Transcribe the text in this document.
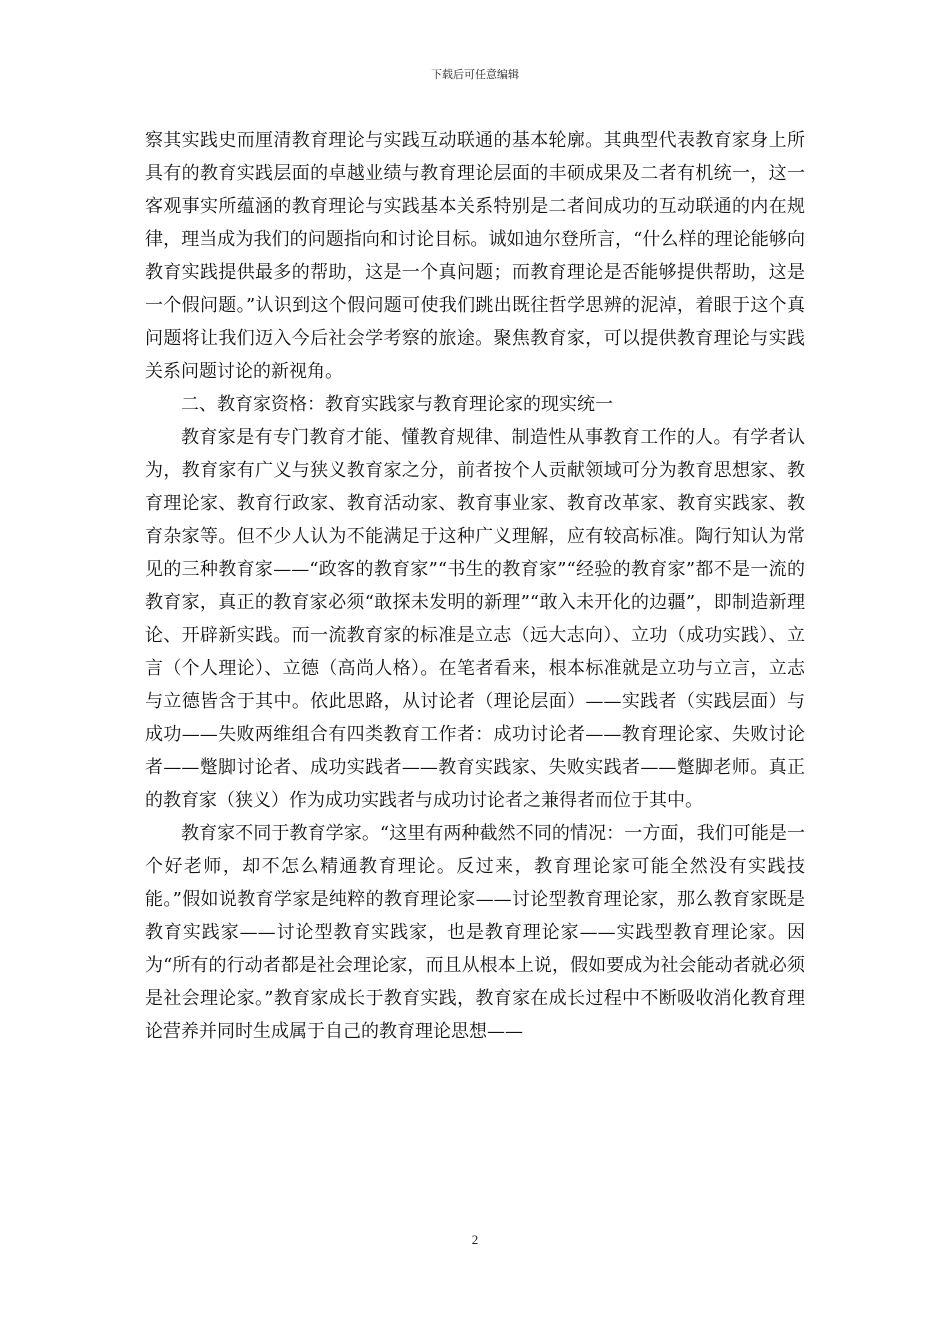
下载后可任意编辑

察其实践史而厘清教育理论与实践互动联通的基本轮廓。其典型代表教育家身上所具有的教育实践层面的卓越业绩与教育理论层面的丰硕成果及二者有机统一，这一客观事实所蕴涵的教育理论与实践基本关系特别是二者间成功的互动联通的内在规律，理当成为我们的问题指向和讨论目标。诚如迪尔登所言，“什么样的理论能够向教育实践提供最多的帮助，这是一个真问题；而教育理论是否能够提供帮助，这是一个假问题。”认识到这个假问题可使我们跳出既往哲学思辨的泥淖，着眼于这个真问题将让我们迈入今后社会学考察的旅途。聚焦教育家，可以提供教育理论与实践关系问题讨论的新视角。

二、教育家资格：教育实践家与教育理论家的现实统一

教育家是有专门教育才能、懂教育规律、制造性从事教育工作的人。有学者认为，教育家有广义与狭义教育家之分，前者按个人贡献领域可分为教育思想家、教育理论家、教育行政家、教育活动家、教育事业家、教育改革家、教育实践家、教育杂家等。但不少人认为不能满足于这种广义理解，应有较高标准。陶行知认为常见的三种教育家——“政客的教育家”“书生的教育家”“经验的教育家”都不是一流的教育家，真正的教育家必须“敢探未发明的新理”“敢入未开化的边疆”，即制造新理论、开辟新实践。而一流教育家的标准是立志（远大志向）、立功（成功实践）、立言（个人理论）、立德（高尚人格）。在笔者看来，根本标准就是立功与立言，立志与立德皆含于其中。依此思路，从讨论者（理论层面）——实践者（实践层面）与成功——失败两维组合有四类教育工作者：成功讨论者——教育理论家、失败讨论者——蹩脚讨论者、成功实践者——教育实践家、失败实践者——蹩脚老师。真正的教育家（狭义）作为成功实践者与成功讨论者之兼得者而位于其中。

教育家不同于教育学家。“这里有两种截然不同的情况：一方面，我们可能是一个好老师，却不怎么精通教育理论。反过来，教育理论家可能全然没有实践技能。”假如说教育学家是纯粹的教育理论家——讨论型教育理论家，那么教育家既是教育实践家——讨论型教育实践家，也是教育理论家——实践型教育理论家。因为“所有的行动者都是社会理论家，而且从根本上说，假如要成为社会能动者就必须是社会理论家。”教育家成长于教育实践，教育家在成长过程中不断吸收消化教育理论营养并同时生成属于自己的教育理论思想——

2
